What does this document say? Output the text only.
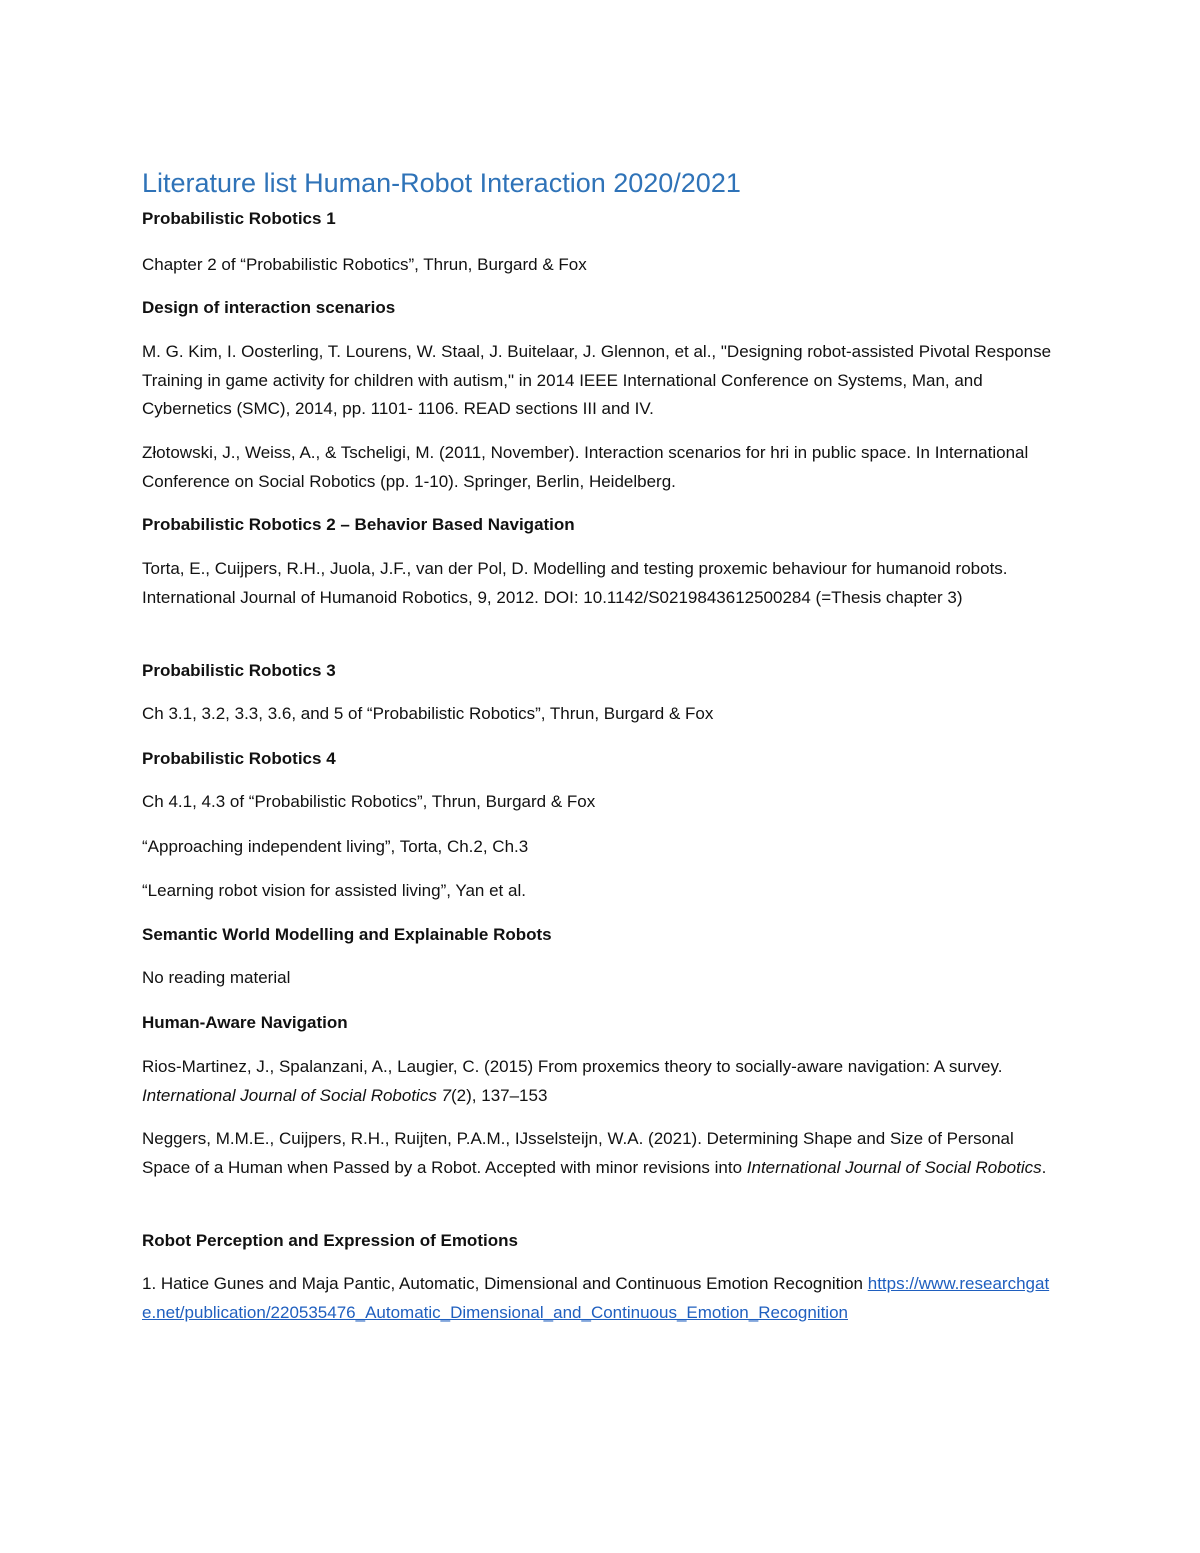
Literature list Human-Robot Interaction 2020/2021
Probabilistic Robotics 1

Chapter 2 of “Probabilistic Robotics”, Thrun, Burgard & Fox

Design of interaction scenarios

M. G. Kim, I. Oosterling, T. Lourens, W. Staal, J. Buitelaar, J. Glennon, et al., "Designing robot-assisted Pivotal Response Training in game activity for children with autism," in 2014 IEEE International Conference on Systems, Man, and Cybernetics (SMC), 2014, pp. 1101- 1106. READ sections III and IV.

Złotowski, J., Weiss, A., & Tscheligi, M. (2011, November). Interaction scenarios for hri in public space. In International Conference on Social Robotics (pp. 1-10). Springer, Berlin, Heidelberg.

Probabilistic Robotics 2 – Behavior Based Navigation

Torta, E., Cuijpers, R.H., Juola, J.F., van der Pol, D. Modelling and testing proxemic behaviour for humanoid robots. International Journal of Humanoid Robotics, 9, 2012. DOI: 10.1142/S0219843612500284 (=Thesis chapter 3)

Probabilistic Robotics 3

Ch 3.1, 3.2, 3.3, 3.6, and 5 of “Probabilistic Robotics”, Thrun, Burgard & Fox

Probabilistic Robotics 4

Ch 4.1, 4.3 of “Probabilistic Robotics”, Thrun, Burgard & Fox

“Approaching independent living”, Torta, Ch.2, Ch.3

“Learning robot vision for assisted living”, Yan et al.

Semantic World Modelling and Explainable Robots

No reading material

Human-Aware Navigation

Rios-Martinez, J., Spalanzani, A., Laugier, C. (2015) From proxemics theory to socially-aware navigation: A survey. International Journal of Social Robotics 7(2), 137–153

Neggers, M.M.E., Cuijpers, R.H., Ruijten, P.A.M., IJsselsteijn, W.A. (2021). Determining Shape and Size of Personal Space of a Human when Passed by a Robot. Accepted with minor revisions into International Journal of Social Robotics.

Robot Perception and Expression of Emotions

1. Hatice Gunes and Maja Pantic, Automatic, Dimensional and Continuous Emotion Recognition https://www.researchgate.net/publication/220535476_Automatic_Dimensional_and_Continuous_Emotion_Recognition
